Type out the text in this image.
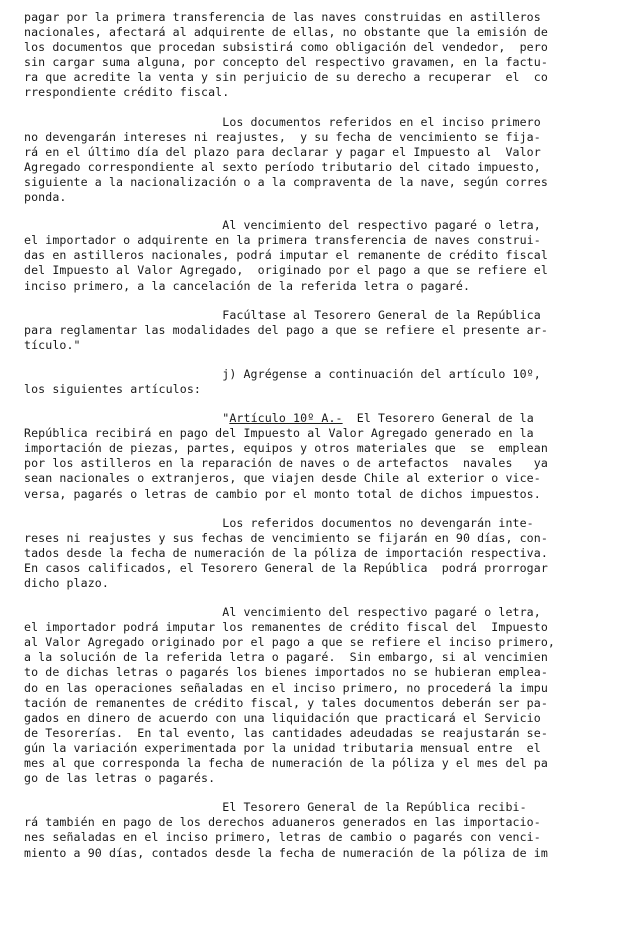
pagar por la primera transferencia de las naves construidas en astilleros
nacionales, afectará al adquirente de ellas, no obstante que la emisión de
los documentos que procedan subsistirá como obligación del vendedor,  pero
sin cargar suma alguna, por concepto del respectivo gravamen, en la factu-
ra que acredite la venta y sin perjuicio de su derecho a recuperar  el  co
rrespondiente crédito fiscal.
Los documentos referidos en el inciso primero
no devengarán intereses ni reajustes,  y su fecha de vencimiento se fija-
rá en el último día del plazo para declarar y pagar el Impuesto al  Valor
Agregado correspondiente al sexto período tributario del citado impuesto,
siguiente a la nacionalización o a la compraventa de la nave, según corres
ponda.
Al vencimiento del respectivo pagaré o letra,
el importador o adquirente en la primera transferencia de naves construi-
das en astilleros nacionales, podrá imputar el remanente de crédito fiscal
del Impuesto al Valor Agregado,  originado por el pago a que se refiere el
inciso primero, a la cancelación de la referida letra o pagaré.
Facúltase al Tesorero General de la República
para reglamentar las modalidades del pago a que se refiere el presente ar-
tículo."
j) Agrégense a continuación del artículo 10º,
los siguientes artículos:
"Artículo 10º A.-  El Tesorero General de la
República recibirá en pago del Impuesto al Valor Agregado generado en la
importación de piezas, partes, equipos y otros materiales que  se  emplean
por los astilleros en la reparación de naves o de artefactos  navales   ya
sean nacionales o extranjeros, que viajen desde Chile al exterior o vice-
versa, pagarés o letras de cambio por el monto total de dichos impuestos.
Los referidos documentos no devengarán inte-
reses ni reajustes y sus fechas de vencimiento se fijarán en 90 días, con-
tados desde la fecha de numeración de la póliza de importación respectiva.
En casos calificados, el Tesorero General de la República  podrá prorrogar
dicho plazo.
Al vencimiento del respectivo pagaré o letra,
el importador podrá imputar los remanentes de crédito fiscal del  Impuesto
al Valor Agregado originado por el pago a que se refiere el inciso primero,
a la solución de la referida letra o pagaré.  Sin embargo, si al vencimien
to de dichas letras o pagarés los bienes importados no se hubieran emplea-
do en las operaciones señaladas en el inciso primero, no procederá la impu
tación de remanentes de crédito fiscal, y tales documentos deberán ser pa-
gados en dinero de acuerdo con una liquidación que practicará el Servicio
de Tesorerías.  En tal evento, las cantidades adeudadas se reajustarán se-
gún la variación experimentada por la unidad tributaria mensual entre  el
mes al que corresponda la fecha de numeración de la póliza y el mes del pa
go de las letras o pagarés.
El Tesorero General de la República recibi-
rá también en pago de los derechos aduaneros generados en las importacio-
nes señaladas en el inciso primero, letras de cambio o pagarés con venci-
miento a 90 días, contados desde la fecha de numeración de la póliza de im
